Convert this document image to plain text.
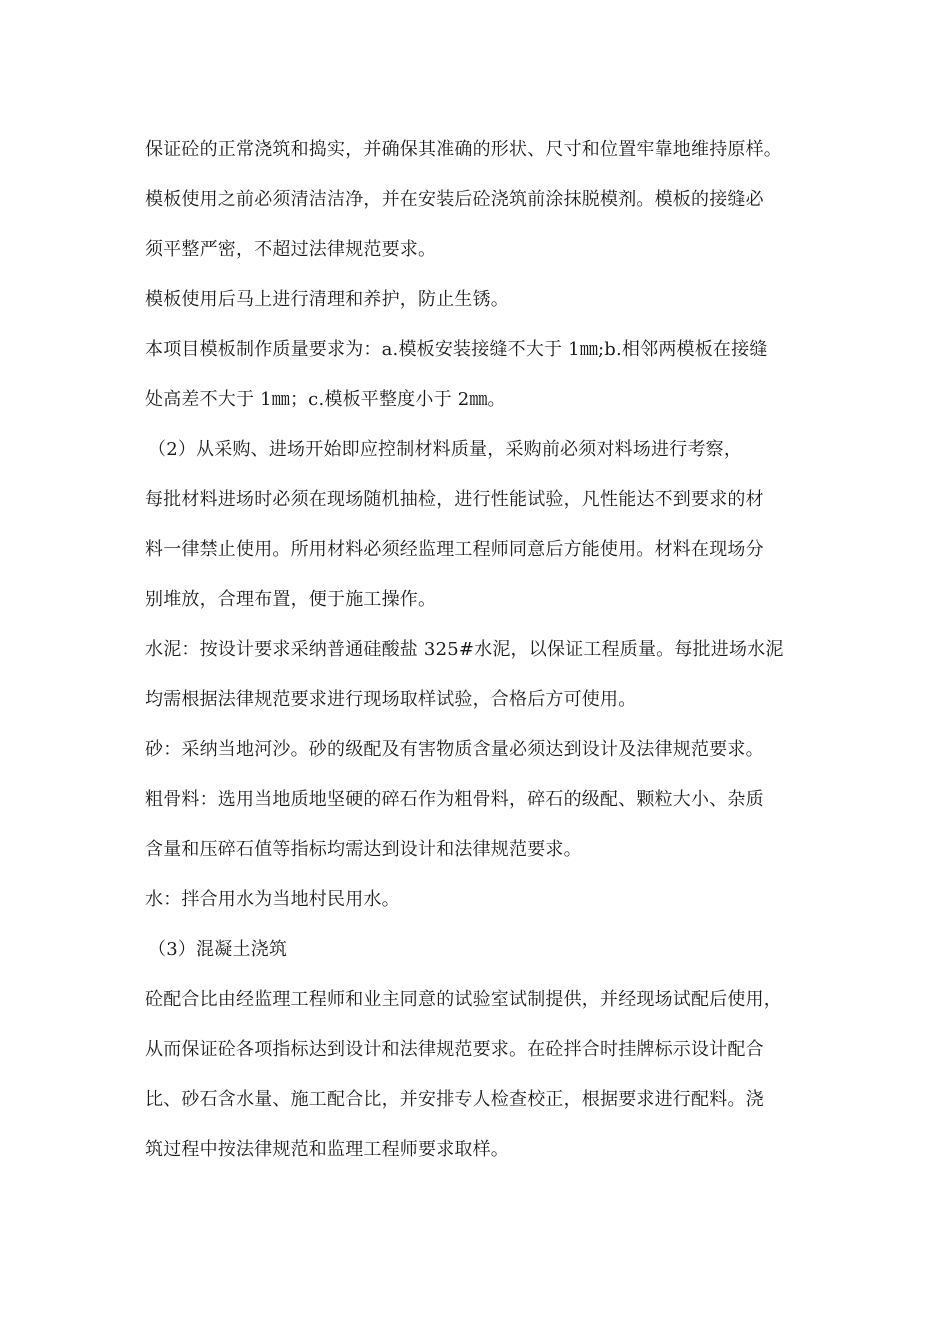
保证砼的正常浇筑和捣实，并确保其准确的形状、尺寸和位置牢靠地维持原样。
模板使用之前必须清洁洁净，并在安装后砼浇筑前涂抹脱模剂。模板的接缝必
须平整严密，不超过法律规范要求。
模板使用后马上进行清理和养护，防止生锈。
本项目模板制作质量要求为：a.模板安装接缝不大于 1㎜;b.相邻两模板在接缝
处高差不大于 1㎜；c.模板平整度小于 2㎜。
（2）从采购、进场开始即应控制材料质量，采购前必须对料场进行考察，
每批材料进场时必须在现场随机抽检，进行性能试验，凡性能达不到要求的材
料一律禁止使用。所用材料必须经监理工程师同意后方能使用。材料在现场分
别堆放，合理布置，便于施工操作。
水泥：按设计要求采纳普通硅酸盐 325#水泥，以保证工程质量。每批进场水泥
均需根据法律规范要求进行现场取样试验，合格后方可使用。
砂：采纳当地河沙。砂的级配及有害物质含量必须达到设计及法律规范要求。
粗骨料：选用当地质地坚硬的碎石作为粗骨料，碎石的级配、颗粒大小、杂质
含量和压碎石值等指标均需达到设计和法律规范要求。
水：拌合用水为当地村民用水。
（3）混凝土浇筑
砼配合比由经监理工程师和业主同意的试验室试制提供，并经现场试配后使用，
从而保证砼各项指标达到设计和法律规范要求。在砼拌合时挂牌标示设计配合
比、砂石含水量、施工配合比，并安排专人检查校正，根据要求进行配料。浇
筑过程中按法律规范和监理工程师要求取样。
